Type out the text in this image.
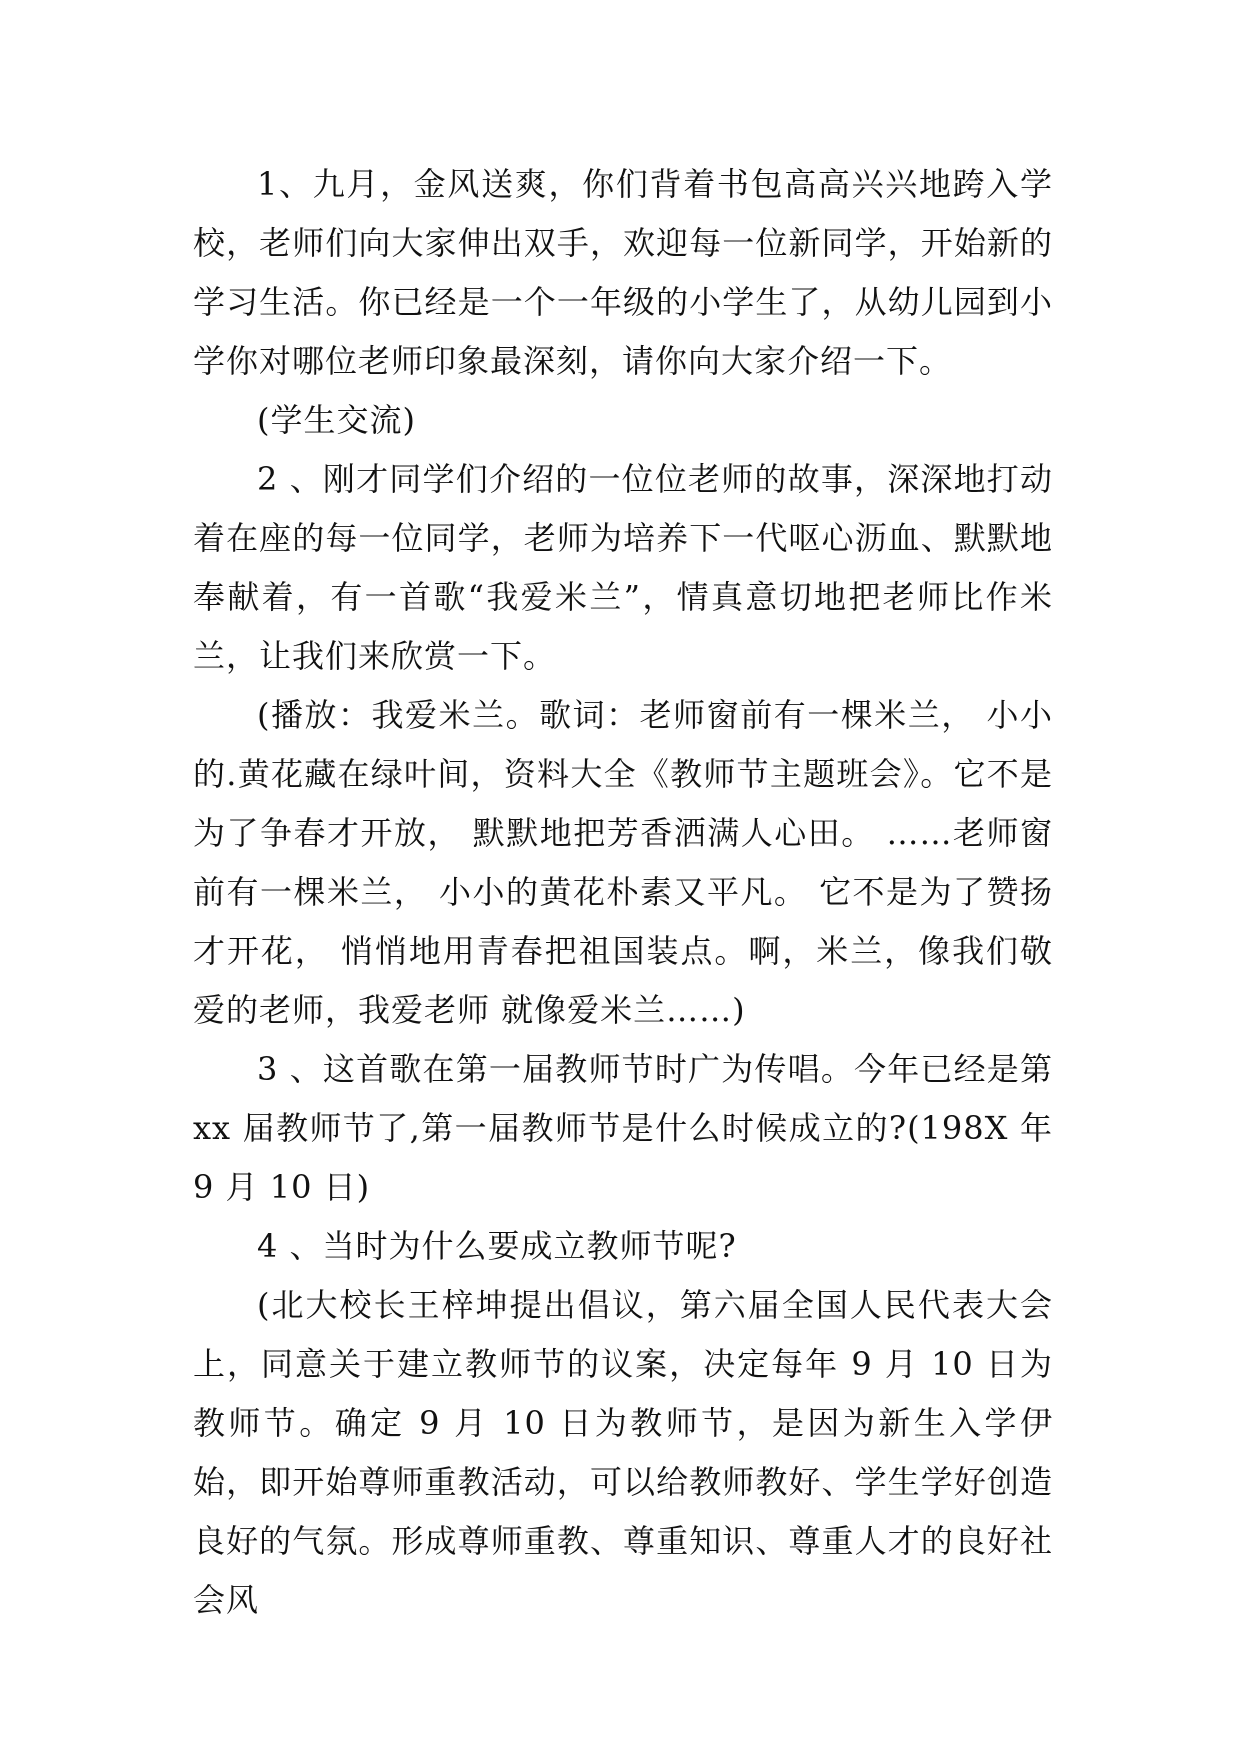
1、九月，金风送爽，你们背着书包高高兴兴地跨入学校，老师们向大家伸出双手，欢迎每一位新同学，开始新的学习生活。你已经是一个一年级的小学生了，从幼儿园到小学你对哪位老师印象最深刻，请你向大家介绍一下。

(学生交流)

2 、刚才同学们介绍的一位位老师的故事，深深地打动着在座的每一位同学，老师为培养下一代呕心沥血、默默地奉献着，有一首歌“我爱米兰”，情真意切地把老师比作米兰，让我们来欣赏一下。

(播放：我爱米兰。歌词：老师窗前有一棵米兰， 小小的.黄花藏在绿叶间，资料大全《教师节主题班会》。它不是为了争春才开放， 默默地把芳香洒满人心田。 ……老师窗前有一棵米兰， 小小的黄花朴素又平凡。 它不是为了赞扬才开花， 悄悄地用青春把祖国装点。啊，米兰，像我们敬爱的老师，我爱老师 就像爱米兰……)

3 、这首歌在第一届教师节时广为传唱。今年已经是第 xx 届教师节了,第一届教师节是什么时候成立的?(198X 年 9 月 10 日)

4 、当时为什么要成立教师节呢?

(北大校长王梓坤提出倡议，第六届全国人民代表大会上，同意关于建立教师节的议案，决定每年 9 月 10 日为教师节。确定 9 月 10 日为教师节，是因为新生入学伊始，即开始尊师重教活动，可以给教师教好、学生学好创造良好的气氛。形成尊师重教、尊重知识、尊重人才的良好社会风
